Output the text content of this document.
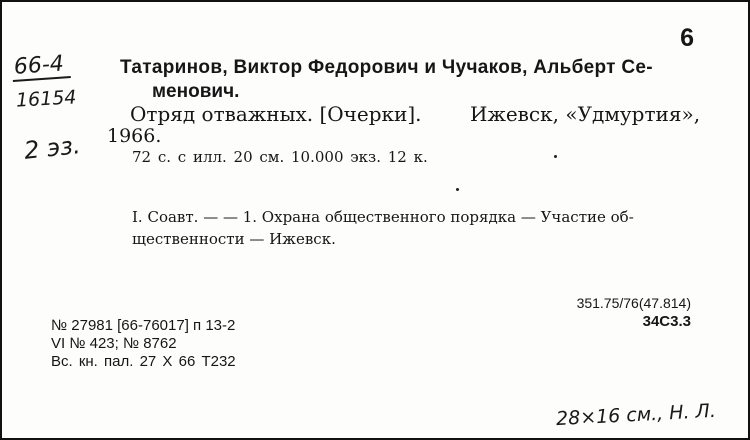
66-4
16154
2 эз.
6
Татаринов, Виктор Федорович и Чучаков, Альберт Се-
менович.
Отряд отважных. [Очерки]. Ижевск, «Удмуртия»,
1966.
72 с. с илл. 20 см. 10.000 экз. 12 к.
I. Соавт. — — 1. Охрана общественного порядка — Участие об-
щественности — Ижевск.
351.75/76(47.814)
34С3.3
№ 27981 [66-76017] п 13-2
VI № 423; № 8762
Вс. кн. пал. 27 X 66 Т232
28×16 см., Н. Л.
